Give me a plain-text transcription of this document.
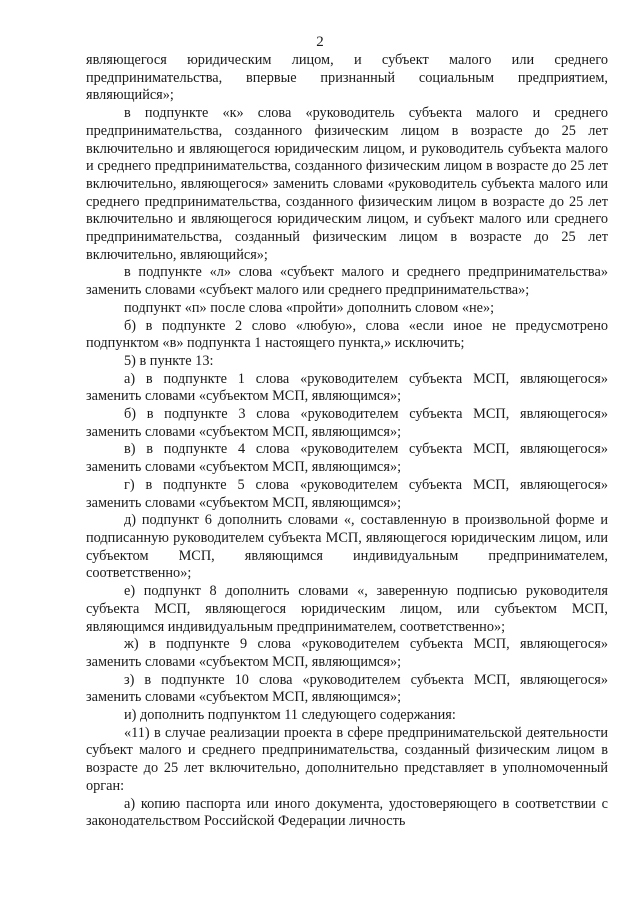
2

являющегося юридическим лицом, и субъект малого или среднего предпринимательства, впервые признанный социальным предприятием, являющийся»;

в подпункте «к» слова «руководитель субъекта малого и среднего предпринимательства, созданного физическим лицом в возрасте до 25 лет включительно и являющегося юридическим лицом, и руководитель субъекта малого и среднего предпринимательства, созданного физическим лицом в возрасте до 25 лет включительно, являющегося» заменить словами «руководитель субъекта малого или среднего предпринимательства, созданного физическим лицом в возрасте до 25 лет включительно и являющегося юридическим лицом, и субъект малого или среднего предпринимательства, созданный физическим лицом в возрасте до 25 лет включительно, являющийся»;

в подпункте «л» слова «субъект малого и среднего предпринимательства» заменить словами «субъект малого или среднего предпринимательства»;

подпункт «п» после слова «пройти» дополнить словом «не»;

б) в подпункте 2 слово «любую», слова «если иное не предусмотрено подпунктом «в» подпункта 1 настоящего пункта,» исключить;

5) в пункте 13:

а) в подпункте 1 слова «руководителем субъекта МСП, являющегося» заменить словами «субъектом МСП, являющимся»;

б) в подпункте 3 слова «руководителем субъекта МСП, являющегося» заменить словами «субъектом МСП, являющимся»;

в) в подпункте 4 слова «руководителем субъекта МСП, являющегося» заменить словами «субъектом МСП, являющимся»;

г) в подпункте 5 слова «руководителем субъекта МСП, являющегося» заменить словами «субъектом МСП, являющимся»;

д) подпункт 6 дополнить словами «, составленную в произвольной форме и подписанную руководителем субъекта МСП, являющегося юридическим лицом, или субъектом МСП, являющимся индивидуальным предпринимателем, соответственно»;

е) подпункт 8 дополнить словами «, заверенную подписью руководителя субъекта МСП, являющегося юридическим лицом, или субъектом МСП, являющимся индивидуальным предпринимателем, соответственно»;

ж) в подпункте 9 слова «руководителем субъекта МСП, являющегося» заменить словами «субъектом МСП, являющимся»;

з) в подпункте 10 слова «руководителем субъекта МСП, являющегося» заменить словами «субъектом МСП, являющимся»;

и) дополнить подпунктом 11 следующего содержания:

«11) в случае реализации проекта в сфере предпринимательской деятельности субъект малого и среднего предпринимательства, созданный физическим лицом в возрасте до 25 лет включительно, дополнительно представляет в уполномоченный орган:

а) копию паспорта или иного документа, удостоверяющего в соответствии с законодательством Российской Федерации личность
